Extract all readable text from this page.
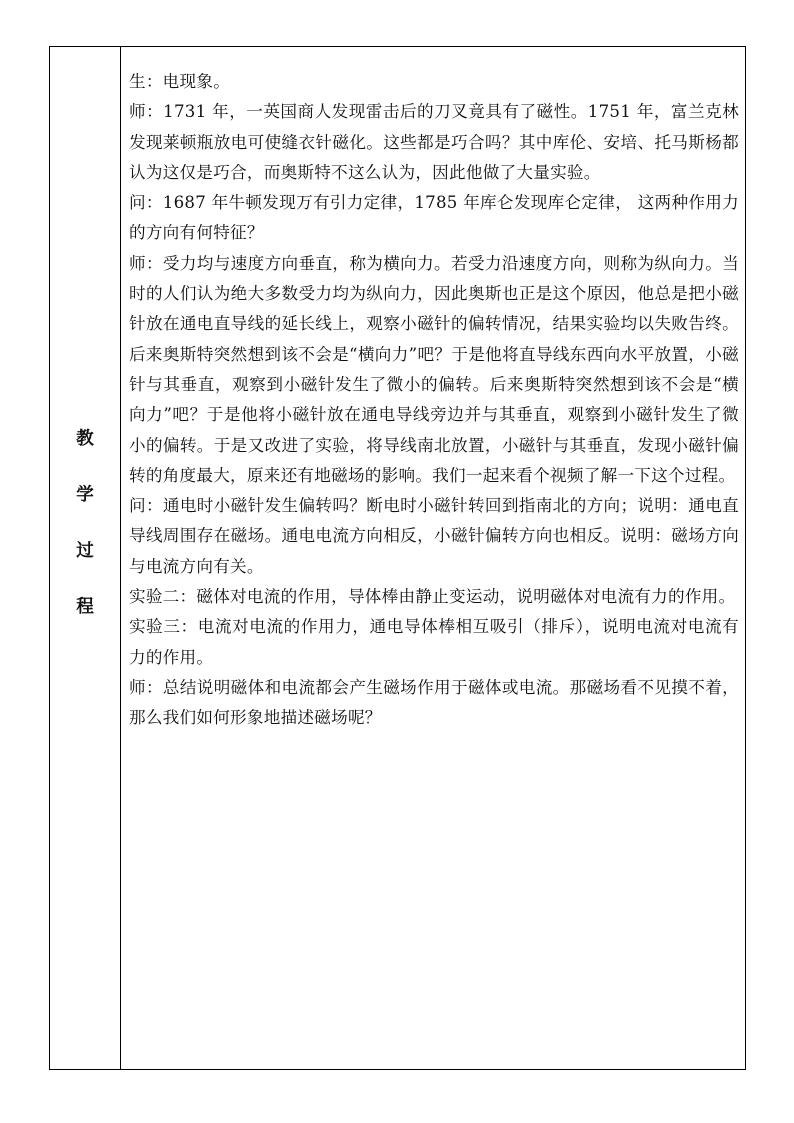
教
学
过
程

生：电现象。

师：1731 年，一英国商人发现雷击后的刀叉竟具有了磁性。1751 年，富兰克林发现莱顿瓶放电可使缝衣针磁化。这些都是巧合吗？其中库伦、安培、托马斯杨都认为这仅是巧合，而奥斯特不这么认为，因此他做了大量实验。

问：1687 年牛顿发现万有引力定律，1785 年库仑发现库仑定律， 这两种作用力的方向有何特征？

师：受力均与速度方向垂直，称为横向力。若受力沿速度方向，则称为纵向力。当时的人们认为绝大多数受力均为纵向力，因此奥斯也正是这个原因，他总是把小磁针放在通电直导线的延长线上，观察小磁针的偏转情况，结果实验均以失败告终。后来奥斯特突然想到该不会是“横向力”吧？于是他将直导线东西向水平放置，小磁针与其垂直，观察到小磁针发生了微小的偏转。后来奥斯特突然想到该不会是“横向力”吧？于是他将小磁针放在通电导线旁边并与其垂直，观察到小磁针发生了微小的偏转。于是又改进了实验，将导线南北放置，小磁针与其垂直，发现小磁针偏转的角度最大，原来还有地磁场的影响。我们一起来看个视频了解一下这个过程。

问：通电时小磁针发生偏转吗？断电时小磁针转回到指南北的方向；说明：通电直导线周围存在磁场。通电电流方向相反，小磁针偏转方向也相反。说明：磁场方向与电流方向有关。

实验二：磁体对电流的作用，导体棒由静止变运动，说明磁体对电流有力的作用。

实验三：电流对电流的作用力，通电导体棒相互吸引（排斥），说明电流对电流有力的作用。

师：总结说明磁体和电流都会产生磁场作用于磁体或电流。那磁场看不见摸不着，那么我们如何形象地描述磁场呢？
